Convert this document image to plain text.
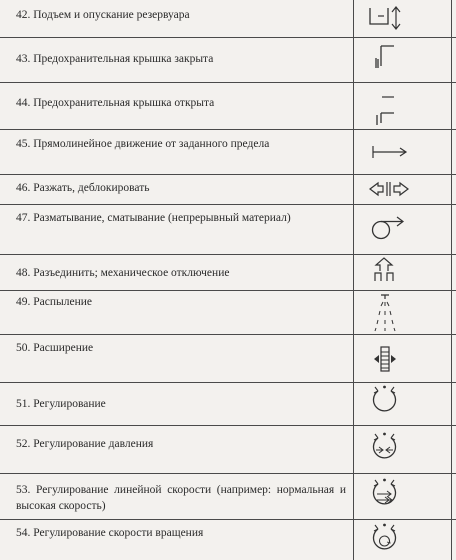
42. Подъем и опускание резервуара
43. Предохранительная крышка закрыта
44. Предохранительная крышка открыта
45. Прямолинейное движение от заданного предела
46. Разжать, деблокировать
47. Разматывание, сматывание (непрерывный материал)
48. Разъединить; механическое отключение
49. Распыление
50. Расширение
51. Регулирование
52. Регулирование давления
53. Регулирование линейной скорости (например: нормальная и высокая скорость)
54. Регулирование скорости вращения
